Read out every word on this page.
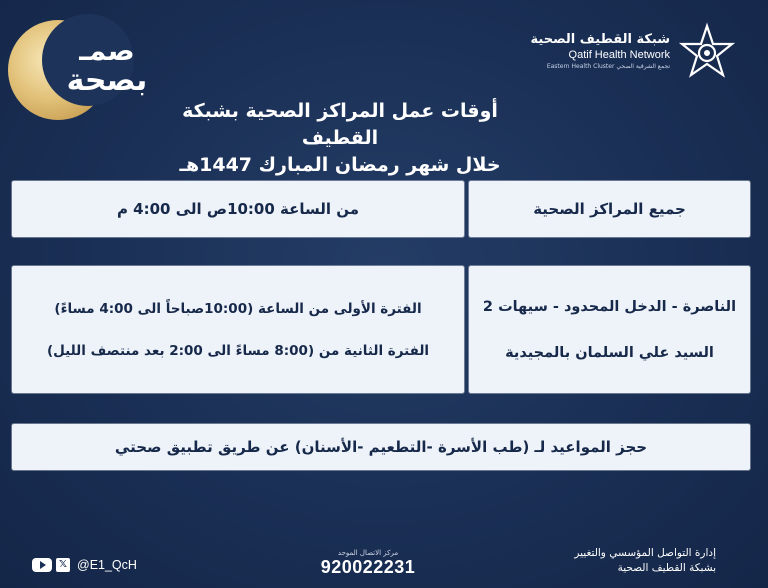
صمـ
بصحة
شبكة القطيف الصحية
Qatif Health Network
Eastern Health Cluster تجمع الشرقية الصحي
أوقات عمل المراكز الصحية بشبكة القطيف
خلال شهر رمضان المبارك 1447هـ
جميع المراكز الصحية
من الساعة 10:00ص الى 4:00 م
الناصرة - الدخل المحدود - سيهات 2
السيد علي السلمان بالمجيدية
الفترة الأولى من الساعة (10:00صباحاً الى 4:00 مساءً)
الفترة الثانية من (8:00 مساءً الى 2:00 بعد منتصف الليل)
حجز المواعيد لـ (طب الأسرة -التطعيم -الأسنان) عن طريق تطبيق صحتي
𝕏 @E1_QcH
مركز الاتصال الموحد
920022231
إدارة التواصل المؤسسي والتغيير
بشبكة القطيف الصحية
